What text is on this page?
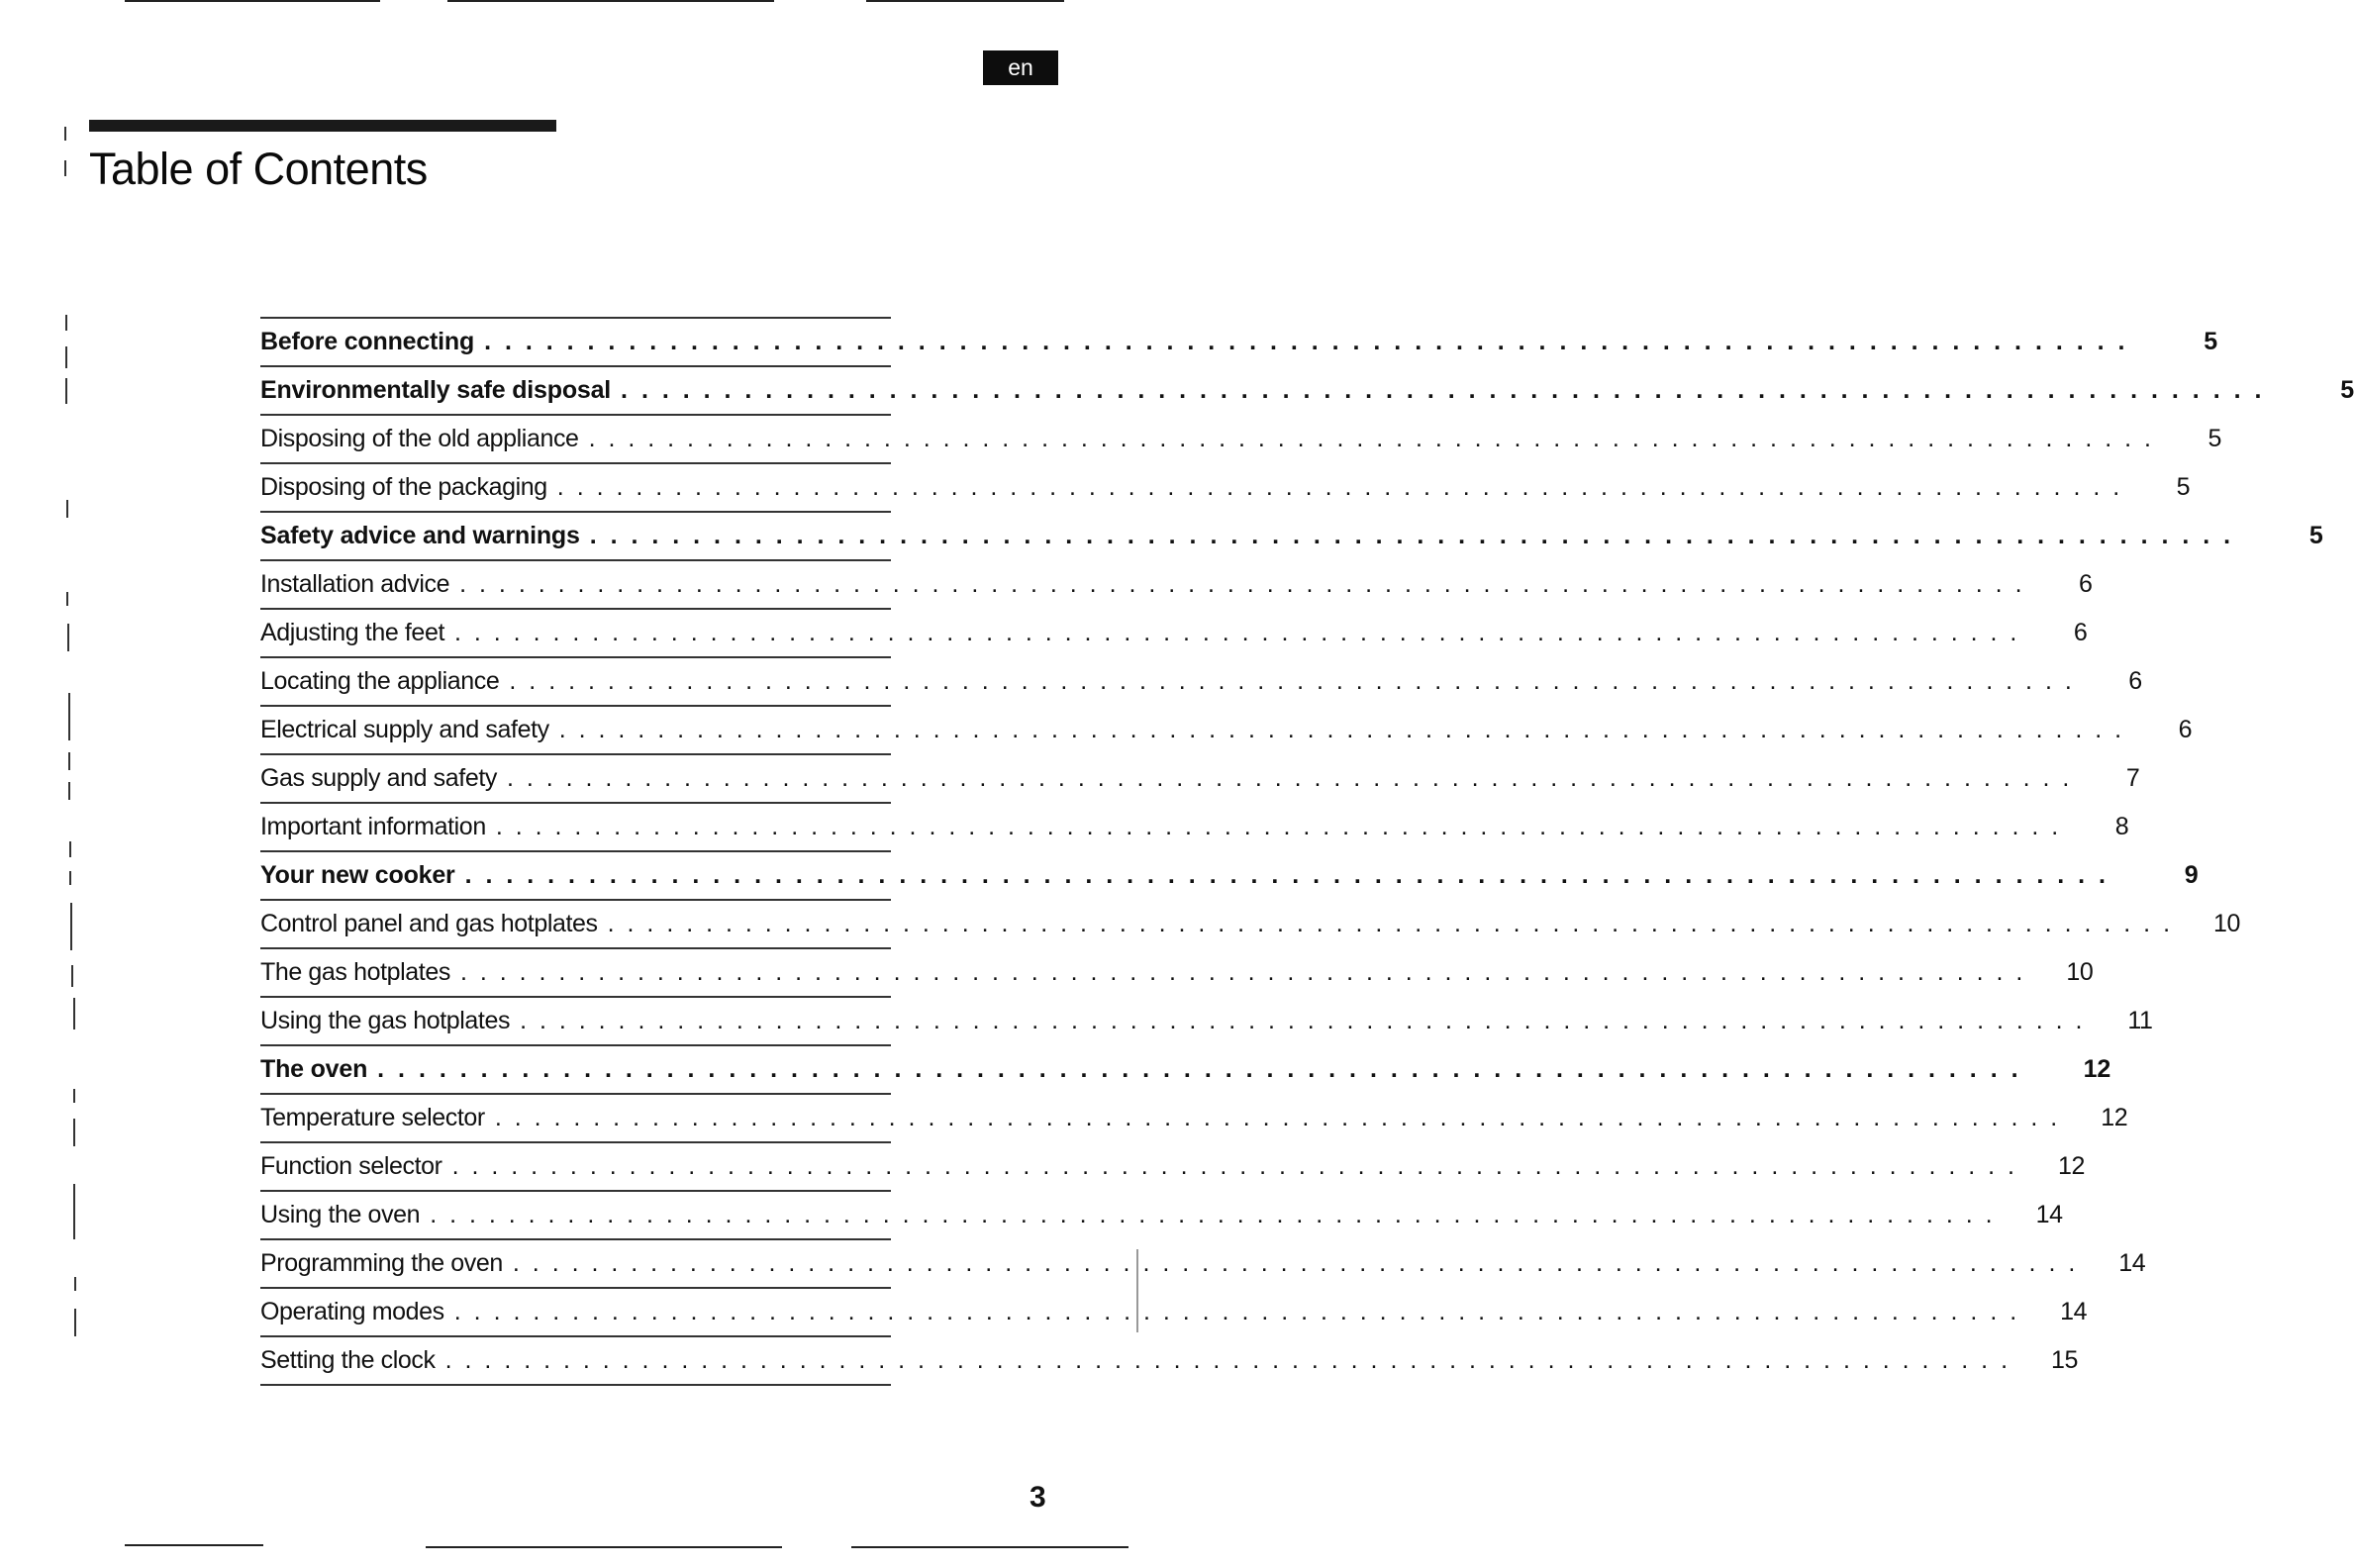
en
Table of Contents
Before connecting . . . . . . . . . . . . . . . . . . . . . . . . . . . . . . . . . . . . . . . . . . . . . . . . . . . . . . . . . . . . . . . . . . . . . . . . . . . . . . . .	5
Environmentally safe disposal . . . . . . . . . . . . . . . . . . . . . . . . . . . . . . . . . . . . . . . . . . . . . . . . . . . . . . . . . . . . . . . . . . . . . . . . . . . . . . . .	5
Disposing of the old appliance . . . . . . . . . . . . . . . . . . . . . . . . . . . . . . . . . . . . . . . . . . . . . . . . . . . . . . . . . . . . . . . . . . . . . . . . . . . . . . . .	5
Disposing of the packaging . . . . . . . . . . . . . . . . . . . . . . . . . . . . . . . . . . . . . . . . . . . . . . . . . . . . . . . . . . . . . . . . . . . . . . . . . . . . . . . .	5
Safety advice and warnings . . . . . . . . . . . . . . . . . . . . . . . . . . . . . . . . . . . . . . . . . . . . . . . . . . . . . . . . . . . . . . . . . . . . . . . . . . . . . . . .	5
Installation advice . . . . . . . . . . . . . . . . . . . . . . . . . . . . . . . . . . . . . . . . . . . . . . . . . . . . . . . . . . . . . . . . . . . . . . . . . . . . . . . .	6
Adjusting the feet . . . . . . . . . . . . . . . . . . . . . . . . . . . . . . . . . . . . . . . . . . . . . . . . . . . . . . . . . . . . . . . . . . . . . . . . . . . . . . . .	6
Locating the appliance . . . . . . . . . . . . . . . . . . . . . . . . . . . . . . . . . . . . . . . . . . . . . . . . . . . . . . . . . . . . . . . . . . . . . . . . . . . . . . . .	6
Electrical supply and safety . . . . . . . . . . . . . . . . . . . . . . . . . . . . . . . . . . . . . . . . . . . . . . . . . . . . . . . . . . . . . . . . . . . . . . . . . . . . . . . .	6
Gas supply and safety . . . . . . . . . . . . . . . . . . . . . . . . . . . . . . . . . . . . . . . . . . . . . . . . . . . . . . . . . . . . . . . . . . . . . . . . . . . . . . . .	7
Important information . . . . . . . . . . . . . . . . . . . . . . . . . . . . . . . . . . . . . . . . . . . . . . . . . . . . . . . . . . . . . . . . . . . . . . . . . . . . . . . .	8
Your new cooker . . . . . . . . . . . . . . . . . . . . . . . . . . . . . . . . . . . . . . . . . . . . . . . . . . . . . . . . . . . . . . . . . . . . . . . . . . . . . . . .	9
Control panel and gas hotplates . . . . . . . . . . . . . . . . . . . . . . . . . . . . . . . . . . . . . . . . . . . . . . . . . . . . . . . . . . . . . . . . . . . . . . . . . . . . . . . .	10
The gas hotplates . . . . . . . . . . . . . . . . . . . . . . . . . . . . . . . . . . . . . . . . . . . . . . . . . . . . . . . . . . . . . . . . . . . . . . . . . . . . . . . .	10
Using the gas hotplates . . . . . . . . . . . . . . . . . . . . . . . . . . . . . . . . . . . . . . . . . . . . . . . . . . . . . . . . . . . . . . . . . . . . . . . . . . . . . . . .	11
The oven . . . . . . . . . . . . . . . . . . . . . . . . . . . . . . . . . . . . . . . . . . . . . . . . . . . . . . . . . . . . . . . . . . . . . . . . . . . . . . . .	12
Temperature selector . . . . . . . . . . . . . . . . . . . . . . . . . . . . . . . . . . . . . . . . . . . . . . . . . . . . . . . . . . . . . . . . . . . . . . . . . . . . . . . .	12
Function selector . . . . . . . . . . . . . . . . . . . . . . . . . . . . . . . . . . . . . . . . . . . . . . . . . . . . . . . . . . . . . . . . . . . . . . . . . . . . . . . .	12
Using the oven . . . . . . . . . . . . . . . . . . . . . . . . . . . . . . . . . . . . . . . . . . . . . . . . . . . . . . . . . . . . . . . . . . . . . . . . . . . . . . . .	14
Programming the oven . . . . . . . . . . . . . . . . . . . . . . . . . . . . . . . . . . . . . . . . . . . . . . . . . . . . . . . . . . . . . . . . . . . . . . . . . . . . . . . .	14
Operating modes . . . . . . . . . . . . . . . . . . . . . . . . . . . . . . . . . . . . . . . . . . . . . . . . . . . . . . . . . . . . . . . . . . . . . . . . . . . . . . . .	14
Setting the clock . . . . . . . . . . . . . . . . . . . . . . . . . . . . . . . . . . . . . . . . . . . . . . . . . . . . . . . . . . . . . . . . . . . . . . . . . . . . . . . .	15
3
